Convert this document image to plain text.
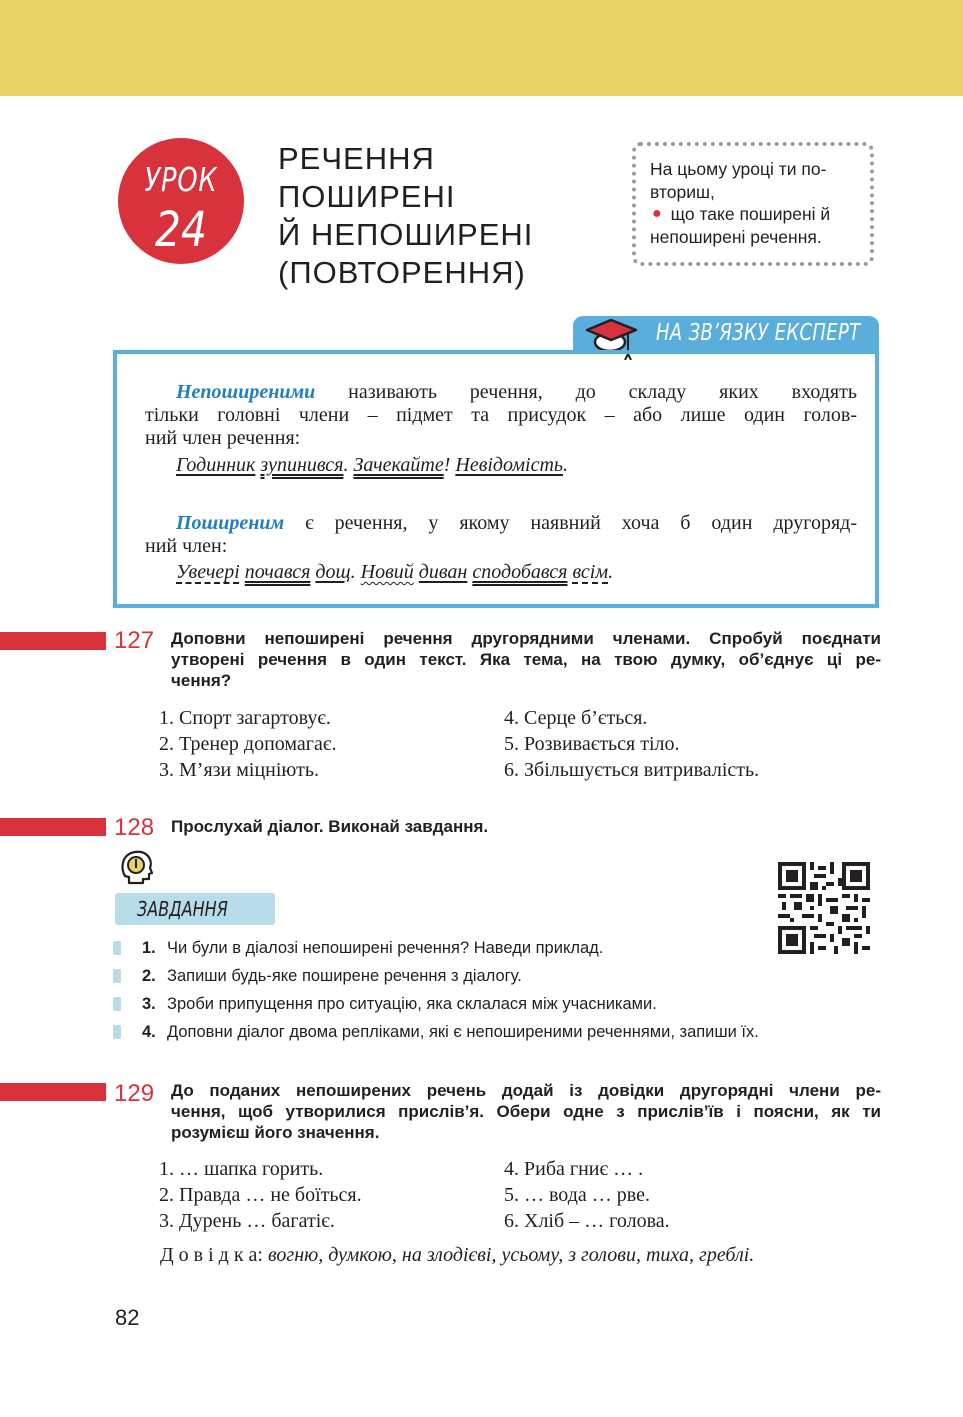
УРОК
24
РЕЧЕННЯ
ПОШИРЕНІ
Й НЕПОШИРЕНІ
(ПОВТОРЕННЯ)
На цьому уроці ти по-
вториш,
● що таке поширені й
непоширені речення.
НА ЗВ’ЯЗКУ ЕКСПЕРТ
Непоширеними називають речення, до складу яких входять
тільки головні члени – підмет та присудок – або лише один голов-
ний член речення:
Годинник зупинився. Зачекайте! Невідомість.
Поширеним є речення, у якому наявний хоча б один другоряд-
ний член:
Увечері почався дощ. Новий диван сподобався всім.
127 Доповни непоширені речення другорядними членами. Спробуй поєднати
утворені речення в один текст. Яка тема, на твою думку, об’єднує ці ре-
чення?
1. Спорт загартовує.
2. Тренер допомагає.
3. М’язи міцніють.
4. Серце б’ється.
5. Розвивається тіло.
6. Збільшується витривалість.
128 Прослухай діалог. Виконай завдання.
ЗАВДАННЯ
1. Чи були в діалозі непоширені речення? Наведи приклад.
2. Запиши будь-яке поширене речення з діалогу.
3. Зроби припущення про ситуацію, яка склалася між учасниками.
4. Доповни діалог двома репліками, які є непоширеними реченнями, запиши їх.
129 До поданих непоширених речень додай із довідки другорядні члени ре-
чення, щоб утворилися прислів’я. Обери одне з прислів’їв і поясни, як ти
розумієш його значення.
1. … шапка горить.
2. Правда … не боїться.
3. Дурень … багатіє.
4. Риба гниє … .
5. … вода … рве.
6. Хліб – … голова.
Д о в і д к а: вогню, думкою, на злодієві, усьому, з голови, тиха, греблі.
82
